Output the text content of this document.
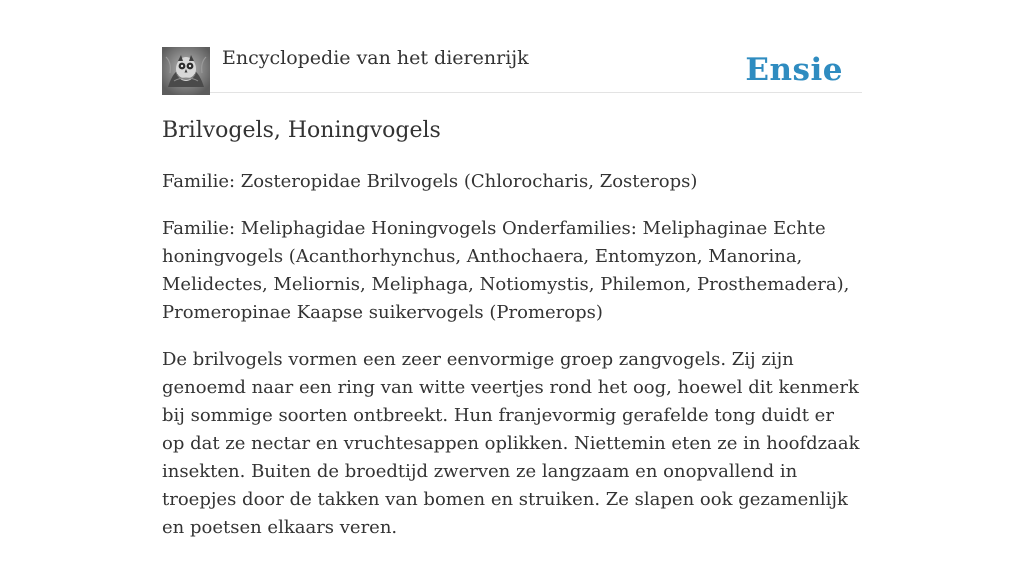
Encyclopedie van het dierenrijk	Ensie
Brilvogels, Honingvogels

Familie: Zosteropidae Brilvogels (Chlorocharis, Zosterops)

Familie: Meliphagidae Honingvogels Onderfamilies: Meliphaginae Echte honingvogels (Acanthorhynchus, Anthochaera, Entomyzon, Manorina, Melidectes, Meliornis, Meliphaga, Notiomystis, Philemon, Prosthemadera), Promeropinae Kaapse suikervogels (Promerops)

De brilvogels vormen een zeer eenvormige groep zangvogels. Zij zijn genoemd naar een ring van witte veertjes rond het oog, hoewel dit kenmerk bij sommige soorten ontbreekt. Hun franjevormig gerafelde tong duidt er op dat ze nectar en vruchtesappen oplikken. Niettemin eten ze in hoofdzaak insekten. Buiten de broedtijd zwerven ze langzaam en onopvallend in troepjes door de takken van bomen en struiken. Ze slapen ook gezamenlijk en poetsen elkaars veren.
